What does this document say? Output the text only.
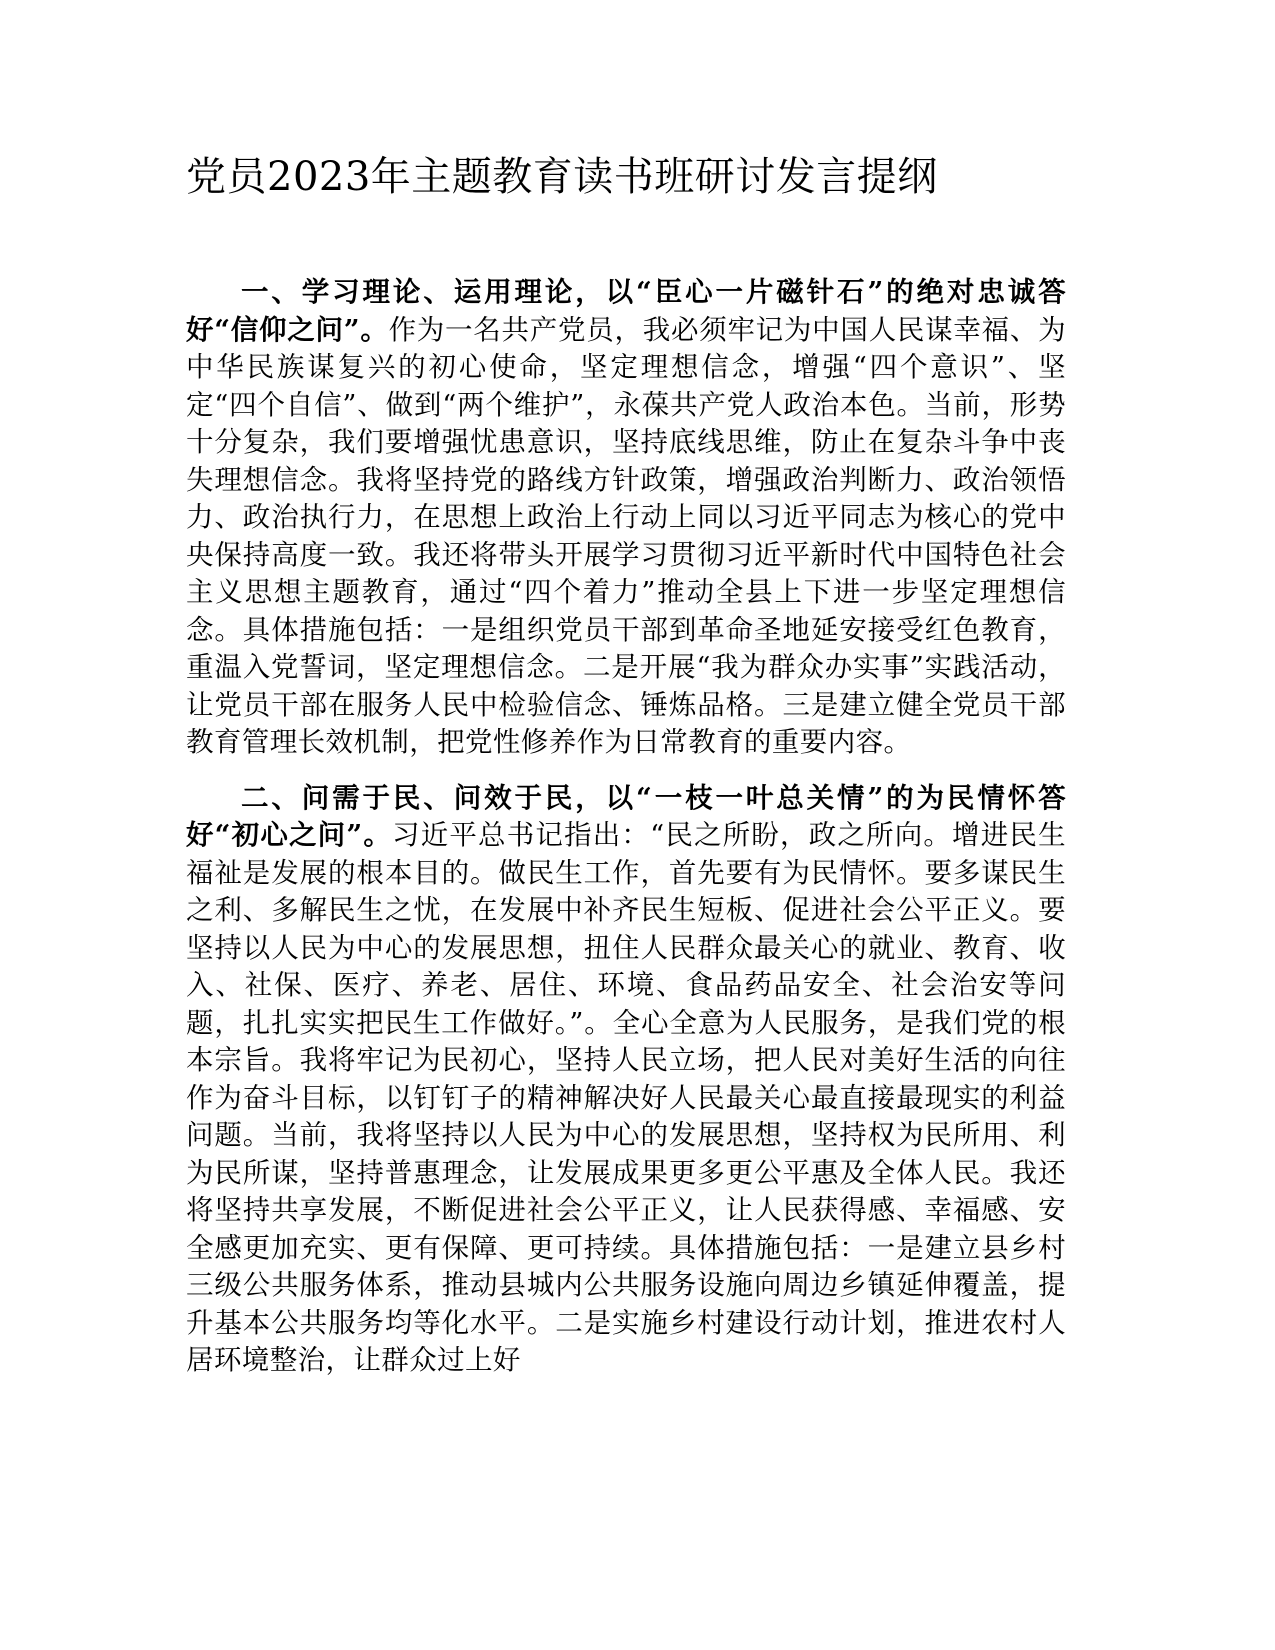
党员2023年主题教育读书班研讨发言提纲

一、学习理论、运用理论，以“臣心一片磁针石”的绝对忠诚答好“信仰之问”。作为一名共产党员，我必须牢记为中国人民谋幸福、为中华民族谋复兴的初心使命，坚定理想信念，增强“四个意识”、坚定“四个自信”、做到“两个维护”，永葆共产党人政治本色。当前，形势十分复杂，我们要增强忧患意识，坚持底线思维，防止在复杂斗争中丧失理想信念。我将坚持党的路线方针政策，增强政治判断力、政治领悟力、政治执行力，在思想上政治上行动上同以习近平同志为核心的党中央保持高度一致。我还将带头开展学习贯彻习近平新时代中国特色社会主义思想主题教育，通过“四个着力”推动全县上下进一步坚定理想信念。具体措施包括：一是组织党员干部到革命圣地延安接受红色教育，重温入党誓词，坚定理想信念。二是开展“我为群众办实事”实践活动，让党员干部在服务人民中检验信念、锤炼品格。三是建立健全党员干部教育管理长效机制，把党性修养作为日常教育的重要内容。

二、问需于民、问效于民，以“一枝一叶总关情”的为民情怀答好“初心之问”。习近平总书记指出：“民之所盼，政之所向。增进民生福祉是发展的根本目的。做民生工作，首先要有为民情怀。要多谋民生之利、多解民生之忧，在发展中补齐民生短板、促进社会公平正义。要坚持以人民为中心的发展思想，扭住人民群众最关心的就业、教育、收入、社保、医疗、养老、居住、环境、食品药品安全、社会治安等问题，扎扎实实把民生工作做好。”。全心全意为人民服务，是我们党的根本宗旨。我将牢记为民初心，坚持人民立场，把人民对美好生活的向往作为奋斗目标，以钉钉子的精神解决好人民最关心最直接最现实的利益问题。当前，我将坚持以人民为中心的发展思想，坚持权为民所用、利为民所谋，坚持普惠理念，让发展成果更多更公平惠及全体人民。我还将坚持共享发展，不断促进社会公平正义，让人民获得感、幸福感、安全感更加充实、更有保障、更可持续。具体措施包括：一是建立县乡村三级公共服务体系，推动县城内公共服务设施向周边乡镇延伸覆盖，提升基本公共服务均等化水平。二是实施乡村建设行动计划，推进农村人居环境整治，让群众过上好
